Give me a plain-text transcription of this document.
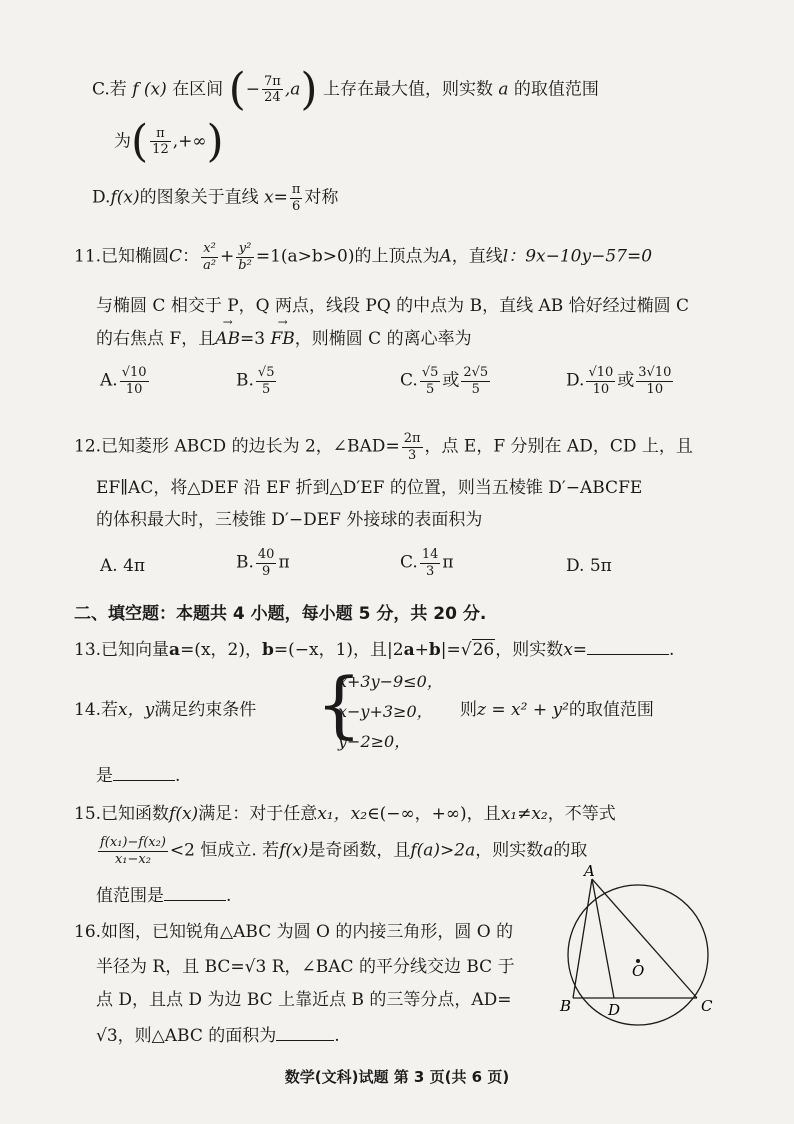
C.若 f (x) 在区间 (− $\frac{7\pi}{24} ,a$) 上存在最大值，则实数 a 的取值范围
为( $\frac{\pi}{12}$ ,+∞)
D.f(x)的图象关于直线 $x= \frac{\pi}{6}$ 对称
11.已知椭圆C： $\frac{\text{x²}}{\text{a²}} + \frac{\text{y²}}{\text{b²}} =1(a>b>0)$的上顶点为A，直线l：9x−10y−57=0
与椭圆 C 相交于 P，Q 两点，线段 PQ 的中点为 B，直线 AB 恰好经过椭圆 C
的右焦点 F，且→ AB=3 → FB，则椭圆 C 的离心率为
A. $\frac{√10}{10}$	B. $\frac{√5}{5}$	C. $\frac{√5}{5}$ 或 $\frac{2√5}{5}$	D. $\frac{√10}{10}$ 或 $\frac{3√10}{10}$
12.已知菱形 ABCD 的边长为 2，∠BAD= $\frac{2\pi}{3}$ ，点 E，F 分别在 AD，CD 上，且
EF∥AC，将△DEF 沿 EF 折到△D′EF 的位置，则当五棱锥 D′−ABCFE
的体积最大时，三棱锥 D′−DEF 外接球的表面积为
A. 4π	B. $\frac{40}{9}$ π	C. $\frac{14}{3}$ π	D. 5π
二、填空题：本题共 4 小题，每小题 5 分，共 20 分.
13.已知向量a=(x，2)，b=(−x，1)，且|2a+b|=√26，则实数x=	.
14.若x，y满足约束条件 {
x+3y−9≤0，
x−y+3≥0，
y−2≥0，
则z = x² + y²的取值范围
是	.
15.已知函数f(x)满足：对于任意x₁，x₂∈(−∞，+∞)，且x₁≠x₂，不等式
$\frac{\text{f(x₁)−f(x₂)}}{\text{x₁−x₂}} <2$ 恒成立. 若f(x)是奇函数，且f(a)>2a，则实数a的取
值范围是	.
16.如图，已知锐角△ABC 为圆 O 的内接三角形，圆 O 的
半径为 R，且 BC=√3 R，∠BAC 的平分线交边 BC 于
点 D，且点 D 为边 BC 上靠近点 B 的三等分点，AD=
√3，则△ABC 的面积为	.
A
B	C
D
O
数学(文科)试题 第 3 页(共 6 页)
